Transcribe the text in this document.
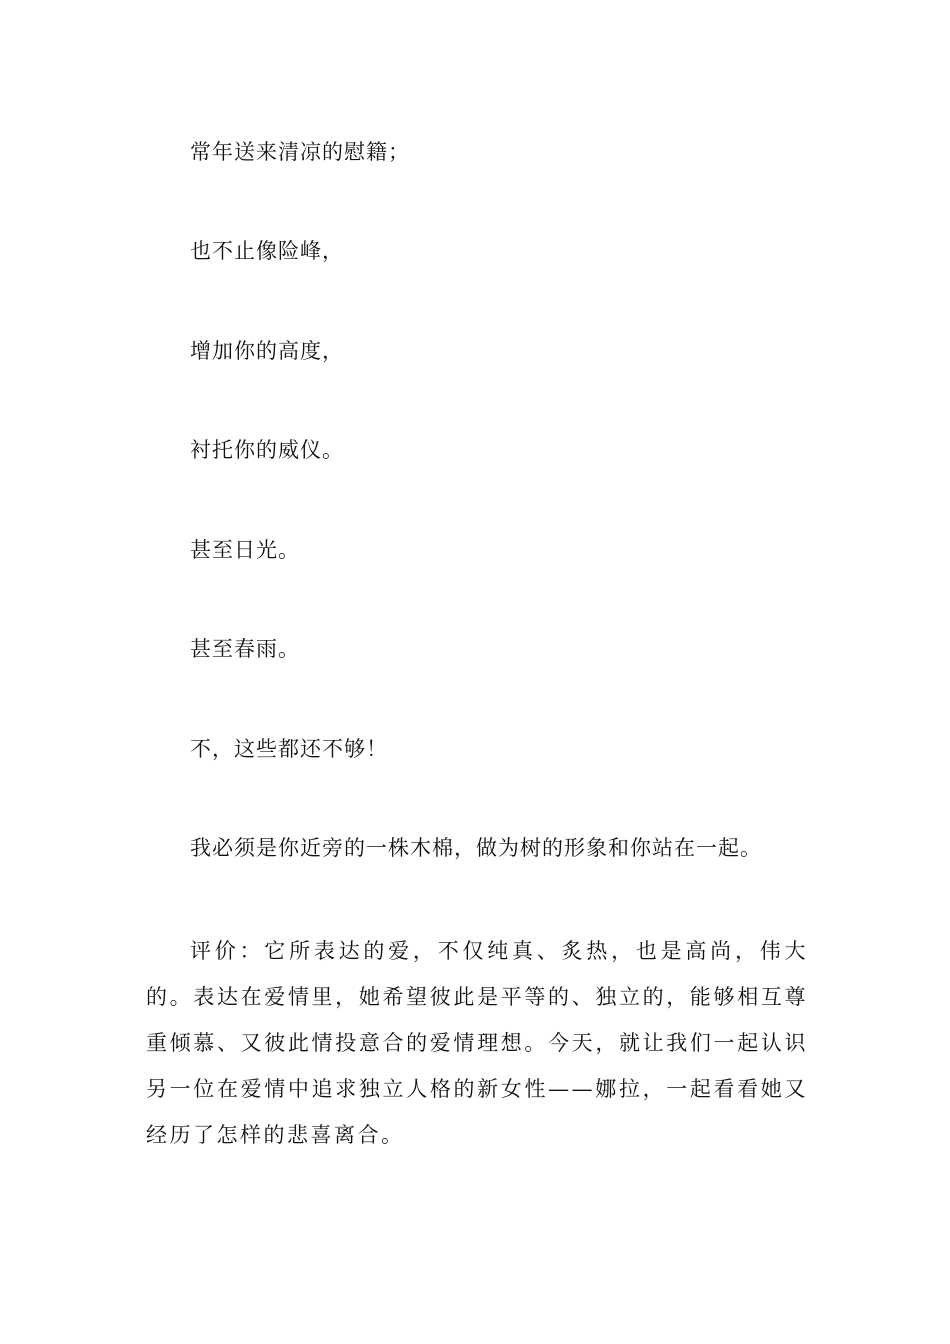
常年送来清凉的慰籍；

也不止像险峰，

增加你的高度，

衬托你的威仪。

甚至日光。

甚至春雨。

不，这些都还不够！

我必须是你近旁的一株木棉，做为树的形象和你站在一起。

评价：它所表达的爱，不仅纯真、炙热，也是高尚，伟大的。表达在爱情里，她希望彼此是平等的、独立的，能够相互尊重倾慕、又彼此情投意合的爱情理想。今天，就让我们一起认识另一位在爱情中追求独立人格的新女性——娜拉，一起看看她又经历了怎样的悲喜离合。
